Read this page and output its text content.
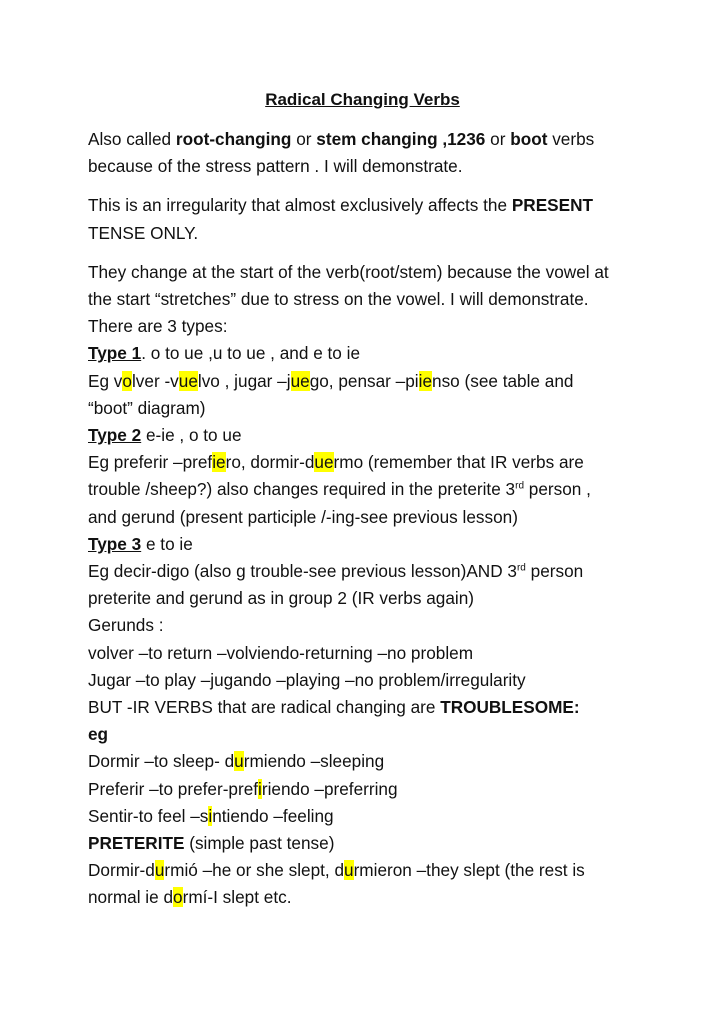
Radical Changing Verbs

Also called root-changing or stem changing ,1236 or boot verbs
because of the stress pattern . I will demonstrate.

This is an irregularity that almost exclusively affects the PRESENT
TENSE ONLY.

They change at the start of the verb(root/stem) because the vowel at
the start “stretches” due to stress on the vowel. I will demonstrate.
There are 3 types:
Type 1. o to ue ,u to ue , and e to ie
Eg volver -vuelvo , jugar –juego, pensar –piienso (see table and
“boot” diagram)
Type 2 e-ie , o to ue
Eg preferir –prefiero, dormir-duermo (remember that IR verbs are
trouble /sheep?) also changes required in the preterite 3rd person ,
and gerund (present participle /-ing-see previous lesson)
Type 3 e to ie
Eg decir-digo (also g trouble-see previous lesson)AND 3rd person
preterite and gerund as in group 2 (IR verbs again)
Gerunds :
volver –to return –volviendo-returning –no problem
Jugar –to play –jugando –playing –no problem/irregularity
BUT -IR VERBS that are radical changing are TROUBLESOME:
eg
Dormir –to sleep- durmiendo –sleeping
Preferir –to prefer-prefiriendo –preferring
Sentir-to feel –sintiendo –feeling
PRETERITE (simple past tense)
Dormir-durmió –he or she slept, durmieron –they slept (the rest is
normal ie dormí-I slept etc.
